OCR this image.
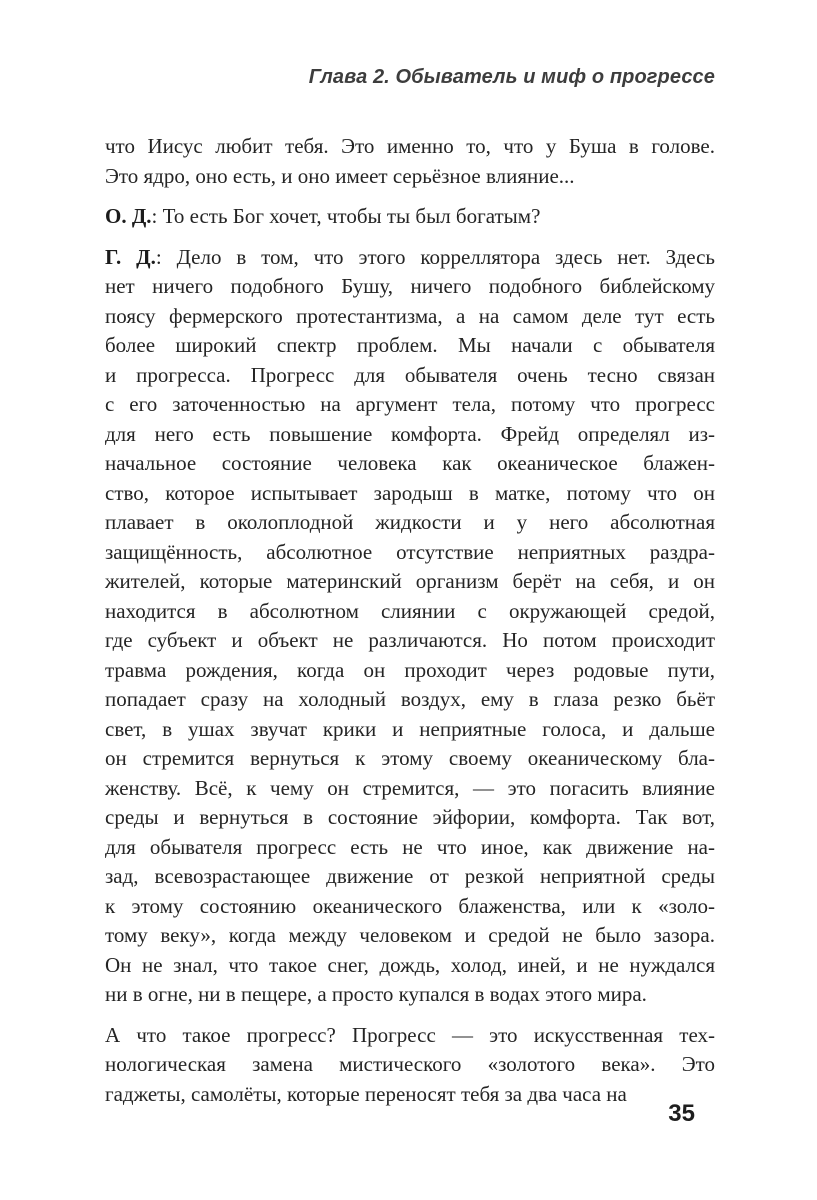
Глава 2. Обыватель и миф о прогрессе
что Иисус любит тебя. Это именно то, что у Буша в голове.
Это ядро, оно есть, и оно имеет серьёзное влияние...
О. Д.: То есть Бог хочет, чтобы ты был богатым?
Г. Д.: Дело в том, что этого корреллятора здесь нет. Здесь
нет ничего подобного Бушу, ничего подобного библейскому
поясу фермерского протестантизма, а на самом деле тут есть
более широкий спектр проблем. Мы начали с обывателя
и прогресса. Прогресс для обывателя очень тесно связан
с его заточенностью на аргумент тела, потому что прогресс
для него есть повышение комфорта. Фрейд определял из-
начальное состояние человека как океаническое блажен-
ство, которое испытывает зародыш в матке, потому что он
плавает в околоплодной жидкости и у него абсолютная
защищённость, абсолютное отсутствие неприятных раздра-
жителей, которые материнский организм берёт на себя, и он
находится в абсолютном слиянии с окружающей средой,
где субъект и объект не различаются. Но потом происходит
травма рождения, когда он проходит через родовые пути,
попадает сразу на холодный воздух, ему в глаза резко бьёт
свет, в ушах звучат крики и неприятные голоса, и дальше
он стремится вернуться к этому своему океаническому бла-
женству. Всё, к чему он стремится, — это погасить влияние
среды и вернуться в состояние эйфории, комфорта. Так вот,
для обывателя прогресс есть не что иное, как движение на-
зад, всевозрастающее движение от резкой неприятной среды
к этому состоянию океанического блаженства, или к «золо-
тому веку», когда между человеком и средой не было зазора.
Он не знал, что такое снег, дождь, холод, иней, и не нуждался
ни в огне, ни в пещере, а просто купался в водах этого мира.
А что такое прогресс? Прогресс — это искусственная тех-
нологическая замена мистического «золотого века». Это
гаджеты, самолёты, которые переносят тебя за два часа на
35
